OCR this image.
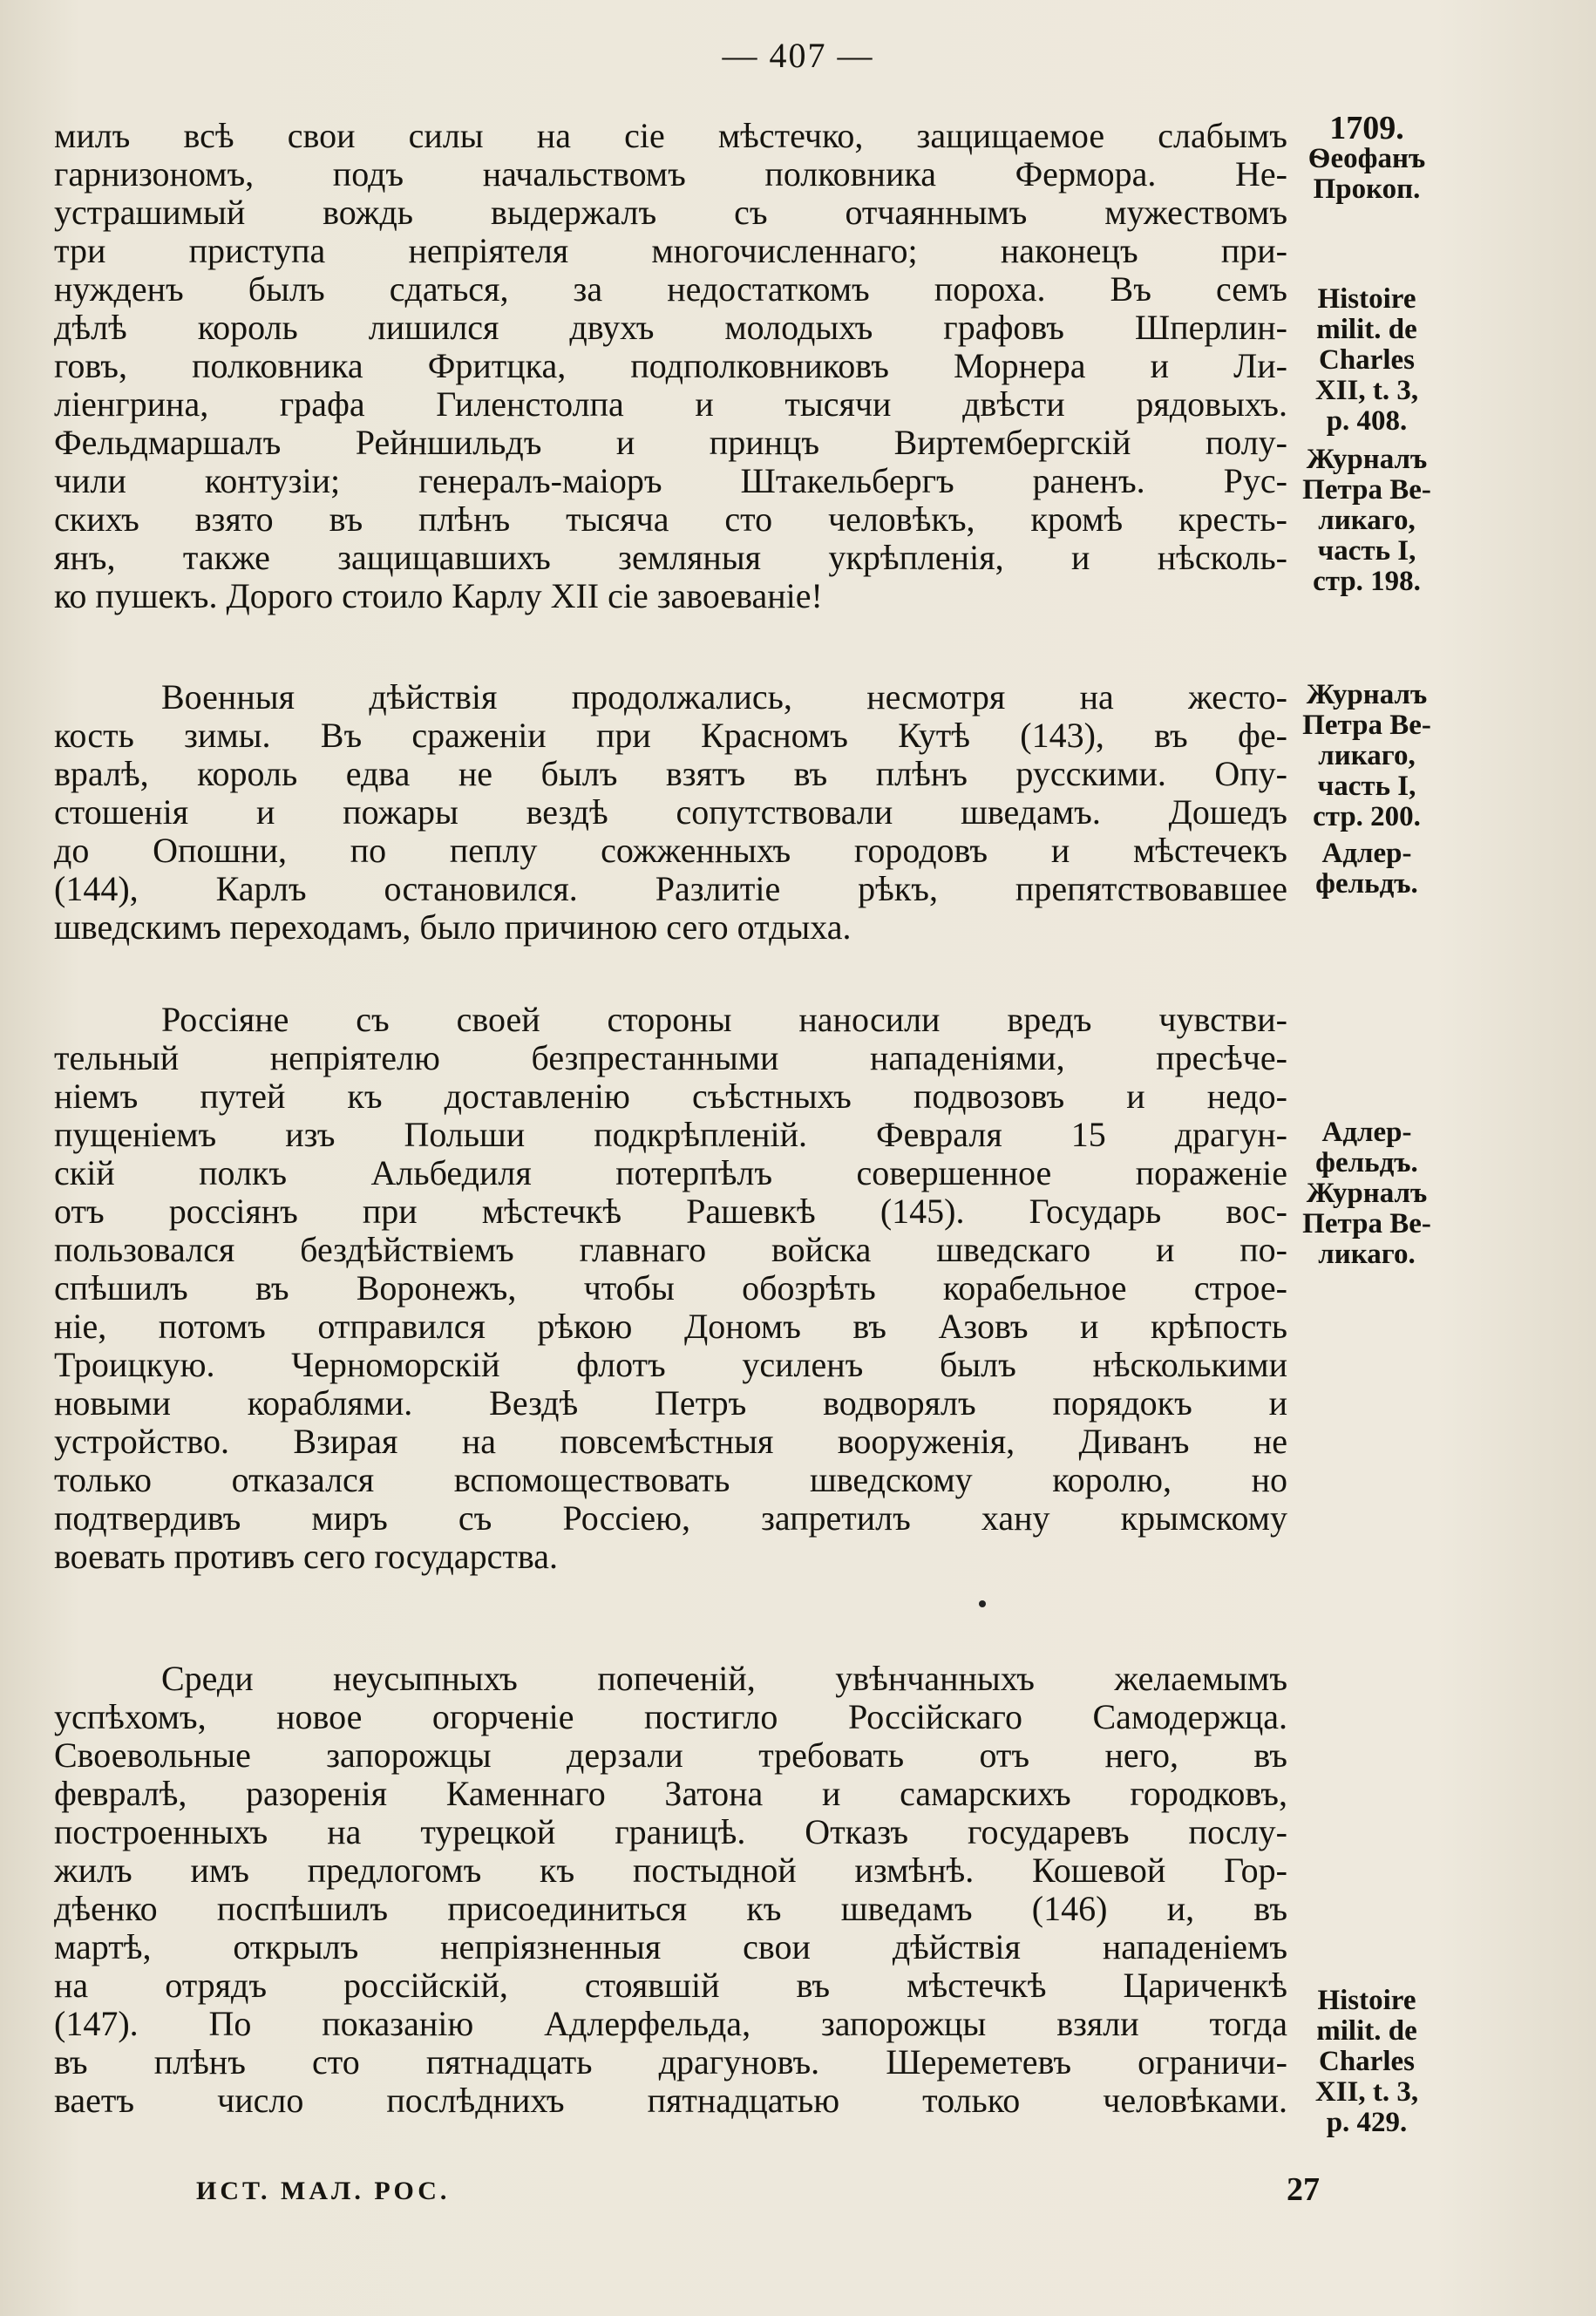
— 407 —
милъ всѣ свои силы на сіе мѣстечко, защищаемое слабымъ
гарнизономъ, подъ начальствомъ полковника Фермора. Не-
устрашимый вождь выдержалъ съ отчаяннымъ мужествомъ
три приступа непріятеля многочисленнаго; наконецъ при-
нужденъ былъ сдаться, за недостаткомъ пороха. Въ семъ
дѣлѣ король лишился двухъ молодыхъ графовъ Шперлин-
говъ, полковника Фритцка, подполковниковъ Морнера и Ли-
ліенгрина, графа Гиленстолпа и тысячи двѣсти рядовыхъ.
Фельдмаршалъ Рейншильдъ и принцъ Виртембергскій полу-
чили контузіи; генералъ-маіоръ Штакельбергъ раненъ. Рус-
скихъ взято въ плѣнъ тысяча сто человѣкъ, кромѣ кресть-
янъ, также защищавшихъ земляныя укрѣпленія, и нѣсколь-
ко пушекъ. Дорого стоило Карлу XII сіе завоеваніе!
Военныя дѣйствія продолжались, несмотря на жесто-
кость зимы. Въ сраженіи при Красномъ Кутѣ (143), въ фе-
вралѣ, король едва не былъ взятъ въ плѣнъ русскими. Опу-
стошенія и пожары вездѣ сопутствовали шведамъ. Дошедъ
до Опошни, по пеплу сожженныхъ городовъ и мѣстечекъ
(144), Карлъ остановился. Разлитіе рѣкъ, препятствовавшее
шведскимъ переходамъ, было причиною сего отдыха.
Россіяне съ своей стороны наносили вредъ чувстви-
тельный непріятелю безпрестанными нападеніями, пресѣче-
ніемъ путей къ доставленію съѣстныхъ подвозовъ и недо-
пущеніемъ изъ Польши подкрѣпленій. Февраля 15 драгун-
скій полкъ Альбедиля потерпѣлъ совершенное пораженіе
отъ россіянъ при мѣстечкѣ Рашевкѣ (145). Государь вос-
пользовался бездѣйствіемъ главнаго войска шведскаго и по-
спѣшилъ въ Воронежъ, чтобы обозрѣть корабельное строе-
ніе, потомъ отправился рѣкою Дономъ въ Азовъ и крѣпость
Троицкую. Черноморскій флотъ усиленъ былъ нѣсколькими
новыми кораблями. Вездѣ Петръ водворялъ порядокъ и
устройство. Взирая на повсемѣстныя вооруженія, Диванъ не
только отказался вспомоществовать шведскому королю, но
подтвердивъ миръ съ Россіею, запретилъ хану крымскому
воевать противъ сего государства.
Среди неусыпныхъ попеченій, увѣнчанныхъ желаемымъ
успѣхомъ, новое огорченіе постигло Россійскаго Самодержца.
Своевольные запорожцы дерзали требовать отъ него, въ
февралѣ, разоренія Каменнаго Затона и самарскихъ городковъ,
построенныхъ на турецкой границѣ. Отказъ государевъ послу-
жилъ имъ предлогомъ къ постыдной измѣнѣ. Кошевой Гор-
дѣенко поспѣшилъ присоединиться къ шведамъ (146) и, въ
мартѣ, открылъ непріязненныя свои дѣйствія нападеніемъ
на отрядъ россійскій, стоявшій въ мѣстечкѣ Цариченкѣ
(147). По показанію Адлерфельда, запорожцы взяли тогда
въ плѣнъ сто пятнадцать драгуновъ. Шереметевъ ограничи-
ваетъ число послѣднихъ пятнадцатью только человѣками.
1709.
Ѳеофанъ
Прокоп.
Histoire
milit. de
Charles
XII, t. 3,
p. 408.
Журналъ
Петра Ве-
ликаго,
часть I,
стр. 198.
Журналъ
Петра Ве-
ликаго,
часть I,
стр. 200.
Адлер-
фельдъ.
Адлер-
фельдъ.
Журналъ
Петра Ве-
ликаго.
Histoire
milit. de
Charles
XII, t. 3,
p. 429.
ИСТ. МАЛ. РОС.	27
